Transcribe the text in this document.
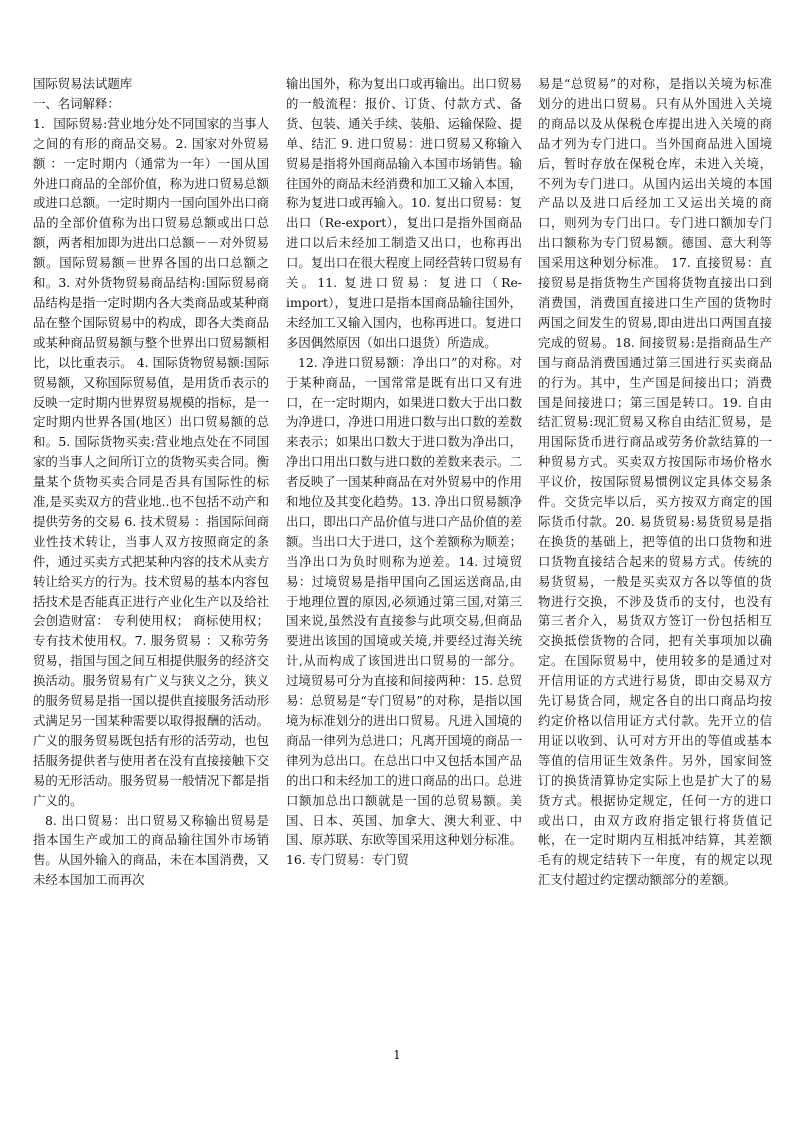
国际贸易法试题库
一、名词解释：

1．国际贸易:营业地分处不同国家的当事人之间的有形的商品交易。2. 国家对外贸易额 ：一定时期内（通常为一年）一国从国外进口商品的全部价值，称为进口贸易总额或进口总额。一定时期内一国向国外出口商品的全部价值称为出口贸易总额或出口总额，两者相加即为进出口总额－－对外贸易额。国际贸易额＝世界各国的出口总额之和。3. 对外货物贸易商品结构:国际贸易商品结构是指一定时期内各大类商品或某种商品在整个国际贸易中的构成，即各大类商品或某种商品贸易额与整个世界出口贸易额相比，以比重表示。 4. 国际货物贸易额:国际贸易额，又称国际贸易值，是用货币表示的反映一定时期内世界贸易规模的指标，是一定时期内世界各国(地区）出口贸易额的总和。5. 国际货物买卖:营业地点处在不同国家的当事人之间所订立的货物买卖合同。衡量某个货物买卖合同是否具有国际性的标准,是买卖双方的营业地..也不包括不动产和提供劳务的交易 6. 技术贸易 ：指国际间商业性技术转让，当事人双方按照商定的条件，通过买卖方式把某种内容的技术从卖方转让给买方的行为。技术贸易的基本内容包括技术是否能真正进行产业化生产以及给社会创造财富： 专利使用权； 商标使用权； 专有技术使用权。7. 服务贸易 ：又称劳务贸易，指国与国之间互相提供服务的经济交换活动。服务贸易有广义与狭义之分，狭义的服务贸易是指一国以提供直接服务活动形式满足另一国某种需要以取得报酬的活动。广义的服务贸易既包括有形的活劳动，也包括服务提供者与使用者在没有直接接触下交易的无形活动。服务贸易一般情况下都是指广义的。

8. 出口贸易：出口贸易又称输出贸易是指本国生产或加工的商品输往国外市场销售。从国外输入的商品，未在本国消费，又未经本国加工而再次

输出国外，称为复出口或再输出。出口贸易的一般流程：报价、订货、付款方式、备货、包装、通关手续、装船、运输保险、提单、结汇 9. 进口贸易：进口贸易又称输入贸易是指将外国商品输入本国市场销售。输往国外的商品未经消费和加工又输入本国，称为复进口或再输入。10. 复出口贸易：复出口（Re-export），复出口是指外国商品进口以后未经加工制造又出口，也称再出口。复出口在很大程度上同经营转口贸易有关。11. 复进口贸易：复进口（Re-import），复进口是指本国商品输往国外，未经加工又输入国内，也称再进口。复进口多因偶然原因（如出口退货）所造成。

12. 净进口贸易额：净出口”的对称。对于某种商品，一国常常是既有出口又有进口，在一定时期内，如果进口数大于出口数为净进口，净进口用进口数与出口数的差数来表示；如果出口数大于进口数为净出口，净出口用出口数与进口数的差数来表示。二者反映了一国某种商品在对外贸易中的作用和地位及其变化趋势。13. 净出口贸易额净出口，即出口产品价值与进口产品价值的差额。当出口大于进口，这个差额称为顺差；当净出口为负时则称为逆差。14. 过境贸易：过境贸易是指甲国向乙国运送商品,由于地理位置的原因,必须通过第三国,对第三国来说,虽然没有直接参与此项交易,但商品要进出该国的国境或关境,并要经过海关统计,从而构成了该国进出口贸易的一部分。 过境贸易可分为直接和间接两种：15. 总贸易：总贸易是“专门贸易”的对称，是指以国境为标准划分的进出口贸易。凡进入国境的商品一律列为总进口；凡离开国境的商品一律列为总出口。在总出口中又包括本国产品的出口和未经加工的进口商品的出口。总进口额加总出口额就是一国的总贸易额。美国、日本、英国、加拿大、澳大利亚、中国、原苏联、东欧等国采用这种划分标准。 16. 专门贸易：专门贸

易是“总贸易”的对称，是指以关境为标准划分的进出口贸易。只有从外国进入关境的商品以及从保税仓库提出进入关境的商品才列为专门进口。当外国商品进入国境后，暂时存放在保税仓库，未进入关境，不列为专门进口。从国内运出关境的本国产品以及进口后经加工又运出关境的商口，则列为专门出口。专门进口额加专门出口额称为专门贸易额。德国、意大利等国采用这种划分标准。 17. 直接贸易：直接贸易是指货物生产国将货物直接出口到消费国，消费国直接进口生产国的货物时两国之间发生的贸易,即由进出口两国直接完成的贸易。18. 间接贸易:是指商品生产国与商品消费国通过第三国进行买卖商品的行为。其中，生产国是间接出口；消费国是间接进口；第三国是转口。19. 自由结汇贸易:现汇贸易又称自由结汇贸易，是用国际货币进行商品或劳务价款结算的一种贸易方式。买卖双方按国际市场价格水平议价，按国际贸易惯例议定具体交易条件。交货完毕以后，买方按双方商定的国际货币付款。20. 易货贸易:易货贸易是指在换货的基础上，把等值的出口货物和进口货物直接结合起来的贸易方式。传统的易货贸易，一般是买卖双方各以等值的货物进行交换，不涉及货币的支付，也没有第三者介入，易货双方签订一份包括相互交换抵偿货物的合同，把有关事项加以确定。在国际贸易中，使用较多的是通过对开信用证的方式进行易货，即由交易双方先订易货合同，规定各自的出口商品均按约定价格以信用证方式付款。先开立的信用证以收到、认可对方开出的等值或基本等值的信用证生效条件。另外，国家间签订的换货清算协定实际上也是扩大了的易货方式。根据协定规定，任何一方的进口或出口，由双方政府指定银行将货值记帐，在一定时期内互相抵冲结算，其差额毛有的规定结转下一年度，有的规定以现汇支付超过约定摆动额部分的差额。

1
